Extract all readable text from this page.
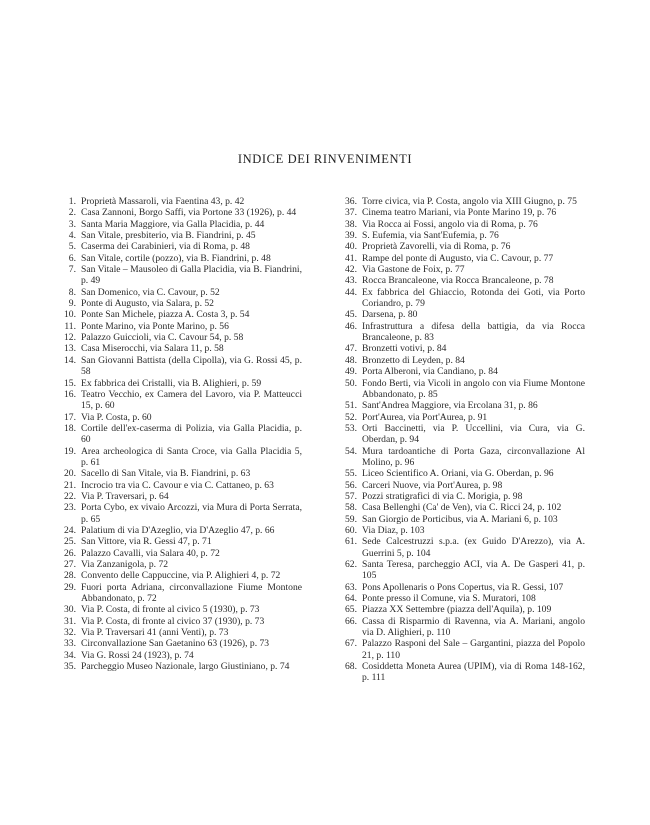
INDICE DEI RINVENIMENTI
1. Proprietà Massaroli, via Faentina 43, p. 42
2. Casa Zannoni, Borgo Saffi, via Portone 33 (1926), p. 44
3. Santa Maria Maggiore, via Galla Placidia, p. 44
4. San Vitale, presbiterio, via B. Fiandrini, p. 45
5. Caserma dei Carabinieri, via di Roma, p. 48
6. San Vitale, cortile (pozzo), via B. Fiandrini, p. 48
7. San Vitale – Mausoleo di Galla Placidia, via B. Fiandrini, p. 49
8. San Domenico, via C. Cavour, p. 52
9. Ponte di Augusto, via Salara, p. 52
10. Ponte San Michele, piazza A. Costa 3, p. 54
11. Ponte Marino, via Ponte Marino, p. 56
12. Palazzo Guiccioli, via C. Cavour 54, p. 58
13. Casa Miserocchi, via Salara 11, p. 58
14. San Giovanni Battista (della Cipolla), via G. Rossi 45, p. 58
15. Ex fabbrica dei Cristalli, via B. Alighieri, p. 59
16. Teatro Vecchio, ex Camera del Lavoro, via P. Matteucci 15, p. 60
17. Via P. Costa, p. 60
18. Cortile dell'ex-caserma di Polizia, via Galla Placidia, p. 60
19. Area archeologica di Santa Croce, via Galla Placidia 5, p. 61
20. Sacello di San Vitale, via B. Fiandrini, p. 63
21. Incrocio tra via C. Cavour e via C. Cattaneo, p. 63
22. Via P. Traversari, p. 64
23. Porta Cybo, ex vivaio Arcozzi, via Mura di Porta Serrata, p. 65
24. Palatium di via D'Azeglio, via D'Azeglio 47, p. 66
25. San Vittore, via R. Gessi 47, p. 71
26. Palazzo Cavalli, via Salara 40, p. 72
27. Via Zanzanigola, p. 72
28. Convento delle Cappuccine, via P. Alighieri 4, p. 72
29. Fuori porta Adriana, circonvallazione Fiume Montone Abbandonato, p. 72
30. Via P. Costa, di fronte al civico 5 (1930), p. 73
31. Via P. Costa, di fronte al civico 37 (1930), p. 73
32. Via P. Traversari 41 (anni Venti), p. 73
33. Circonvallazione San Gaetanino 63 (1926), p. 73
34. Via G. Rossi 24 (1923), p. 74
35. Parcheggio Museo Nazionale, largo Giustiniano, p. 74
36. Torre civica, via P. Costa, angolo via XIII Giugno, p. 75
37. Cinema teatro Mariani, via Ponte Marino 19, p. 76
38. Via Rocca ai Fossi, angolo via di Roma, p. 76
39. S. Eufemia, via Sant'Eufemia, p. 76
40. Proprietà Zavorelli, via di Roma, p. 76
41. Rampe del ponte di Augusto, via C. Cavour, p. 77
42. Via Gastone de Foix, p. 77
43. Rocca Brancaleone, via Rocca Brancaleone, p. 78
44. Ex fabbrica del Ghiaccio, Rotonda dei Goti, via Porto Coriandro, p. 79
45. Darsena, p. 80
46. Infrastruttura a difesa della battigia, da via Rocca Brancaleone, p. 83
47. Bronzetti votivi, p. 84
48. Bronzetto di Leyden, p. 84
49. Porta Alberoni, via Candiano, p. 84
50. Fondo Berti, via Vicoli in angolo con via Fiume Montone Abbandonato, p. 85
51. Sant'Andrea Maggiore, via Ercolana 31, p. 86
52. Port'Aurea, via Port'Aurea, p. 91
53. Orti Baccinetti, via P. Uccellini, via Cura, via G. Oberdan, p. 94
54. Mura tardoantiche di Porta Gaza, circonvallazione Al Molino, p. 96
55. Liceo Scientifico A. Oriani, via G. Oberdan, p. 96
56. Carceri Nuove, via Port'Aurea, p. 98
57. Pozzi stratigrafici di via C. Morigia, p. 98
58. Casa Bellenghi (Ca' de Ven), via C. Ricci 24, p. 102
59. San Giorgio de Porticibus, via A. Mariani 6, p. 103
60. Via Diaz, p. 103
61. Sede Calcestruzzi s.p.a. (ex Guido D'Arezzo), via A. Guerrini 5, p. 104
62. Santa Teresa, parcheggio ACI, via A. De Gasperi 41, p. 105
63. Pons Apollenaris o Pons Copertus, via R. Gessi, 107
64. Ponte presso il Comune, via S. Muratori, 108
65. Piazza XX Settembre (piazza dell'Aquila), p. 109
66. Cassa di Risparmio di Ravenna, via A. Mariani, angolo via D. Alighieri, p. 110
67. Palazzo Rasponi del Sale – Gargantini, piazza del Popolo 21, p. 110
68. Cosiddetta Moneta Aurea (UPIM), via di Roma 148-162, p. 111
